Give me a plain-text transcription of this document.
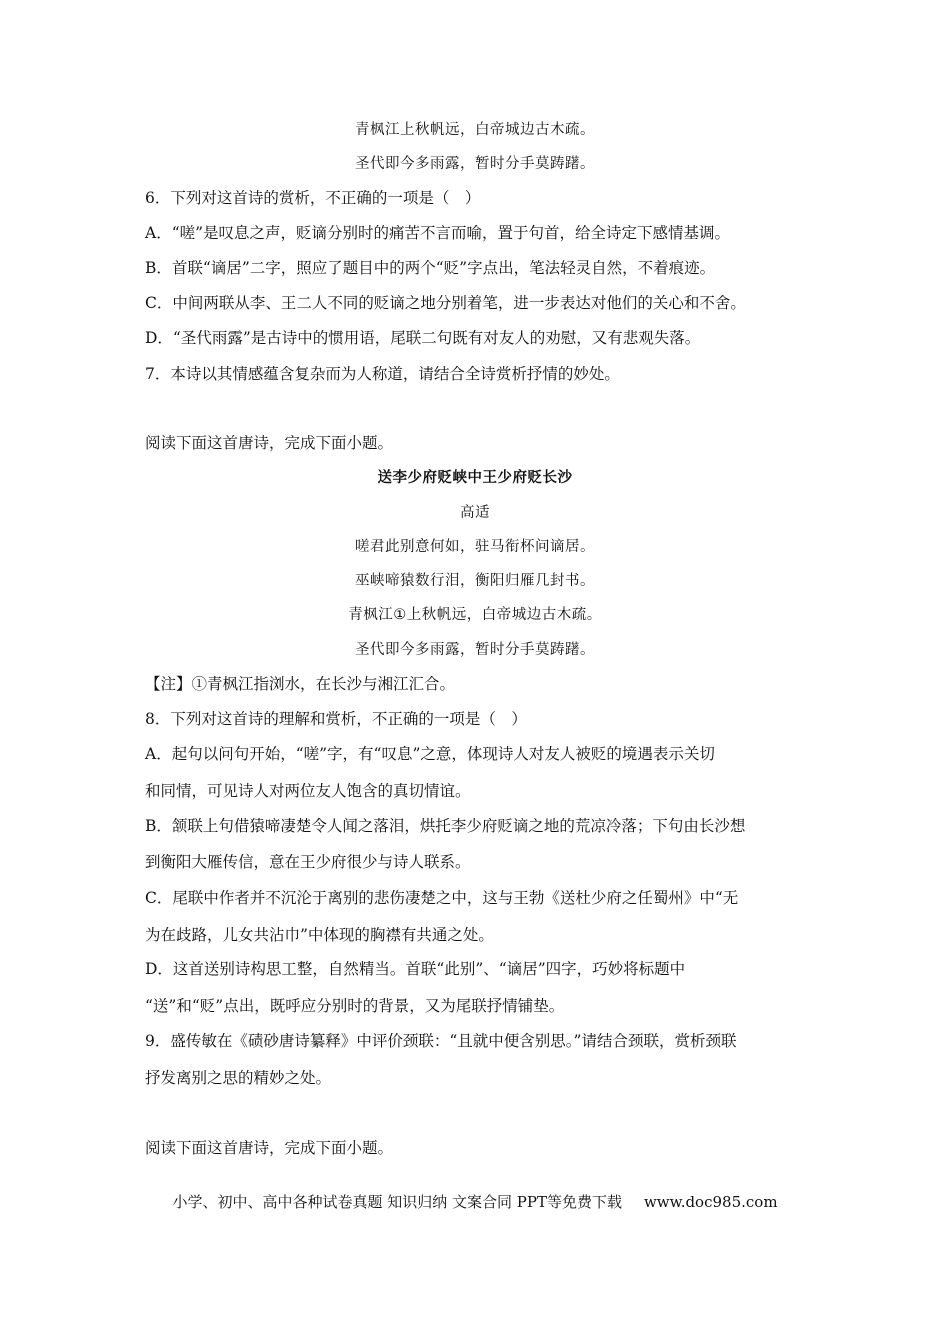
青枫江上秋帆远，白帝城边古木疏。
圣代即今多雨露，暂时分手莫踌躇。
6．下列对这首诗的赏析，不正确的一项是（　）
A．“嗟”是叹息之声，贬谪分别时的痛苦不言而喻，置于句首，给全诗定下感情基调。
B．首联“谪居”二字，照应了题目中的两个“贬”字点出，笔法轻灵自然，不着痕迹。
C．中间两联从李、王二人不同的贬谪之地分别着笔，进一步表达对他们的关心和不舍。
D．“圣代雨露”是古诗中的惯用语，尾联二句既有对友人的劝慰，又有悲观失落。
7．本诗以其情感蕴含复杂而为人称道，请结合全诗赏析抒情的妙处。
阅读下面这首唐诗，完成下面小题。
送李少府贬峡中王少府贬长沙
高适
嗟君此别意何如，驻马衔杯问谪居。
巫峡啼猿数行泪，衡阳归雁几封书。
青枫江①上秋帆远，白帝城边古木疏。
圣代即今多雨露，暂时分手莫踌躇。
【注】①青枫江指浏水，在长沙与湘江汇合。
8．下列对这首诗的理解和赏析，不正确的一项是（　）
A．起句以问句开始，“嗟”字，有“叹息”之意，体现诗人对友人被贬的境遇表示关切
和同情，可见诗人对两位友人饱含的真切情谊。
B．颔联上句借猿啼凄楚令人闻之落泪，烘托李少府贬谪之地的荒凉冷落；下句由长沙想
到衡阳大雁传信，意在王少府很少与诗人联系。
C．尾联中作者并不沉沦于离别的悲伤凄楚之中，这与王勃《送杜少府之任蜀州》中“无
为在歧路，儿女共沾巾”中体现的胸襟有共通之处。
D．这首送别诗构思工整，自然精当。首联“此别”、“谪居”四字，巧妙将标题中
“送”和“贬”点出，既呼应分别时的背景，又为尾联抒情铺垫。
9．盛传敏在《碛砂唐诗纂释》中评价颈联：“且就中便含别思。”请结合颈联，赏析颈联
抒发离别之思的精妙之处。
阅读下面这首唐诗，完成下面小题。
小学、初中、高中各种试卷真题 知识归纳 文案合同 PPT等免费下载 www.doc985.com
